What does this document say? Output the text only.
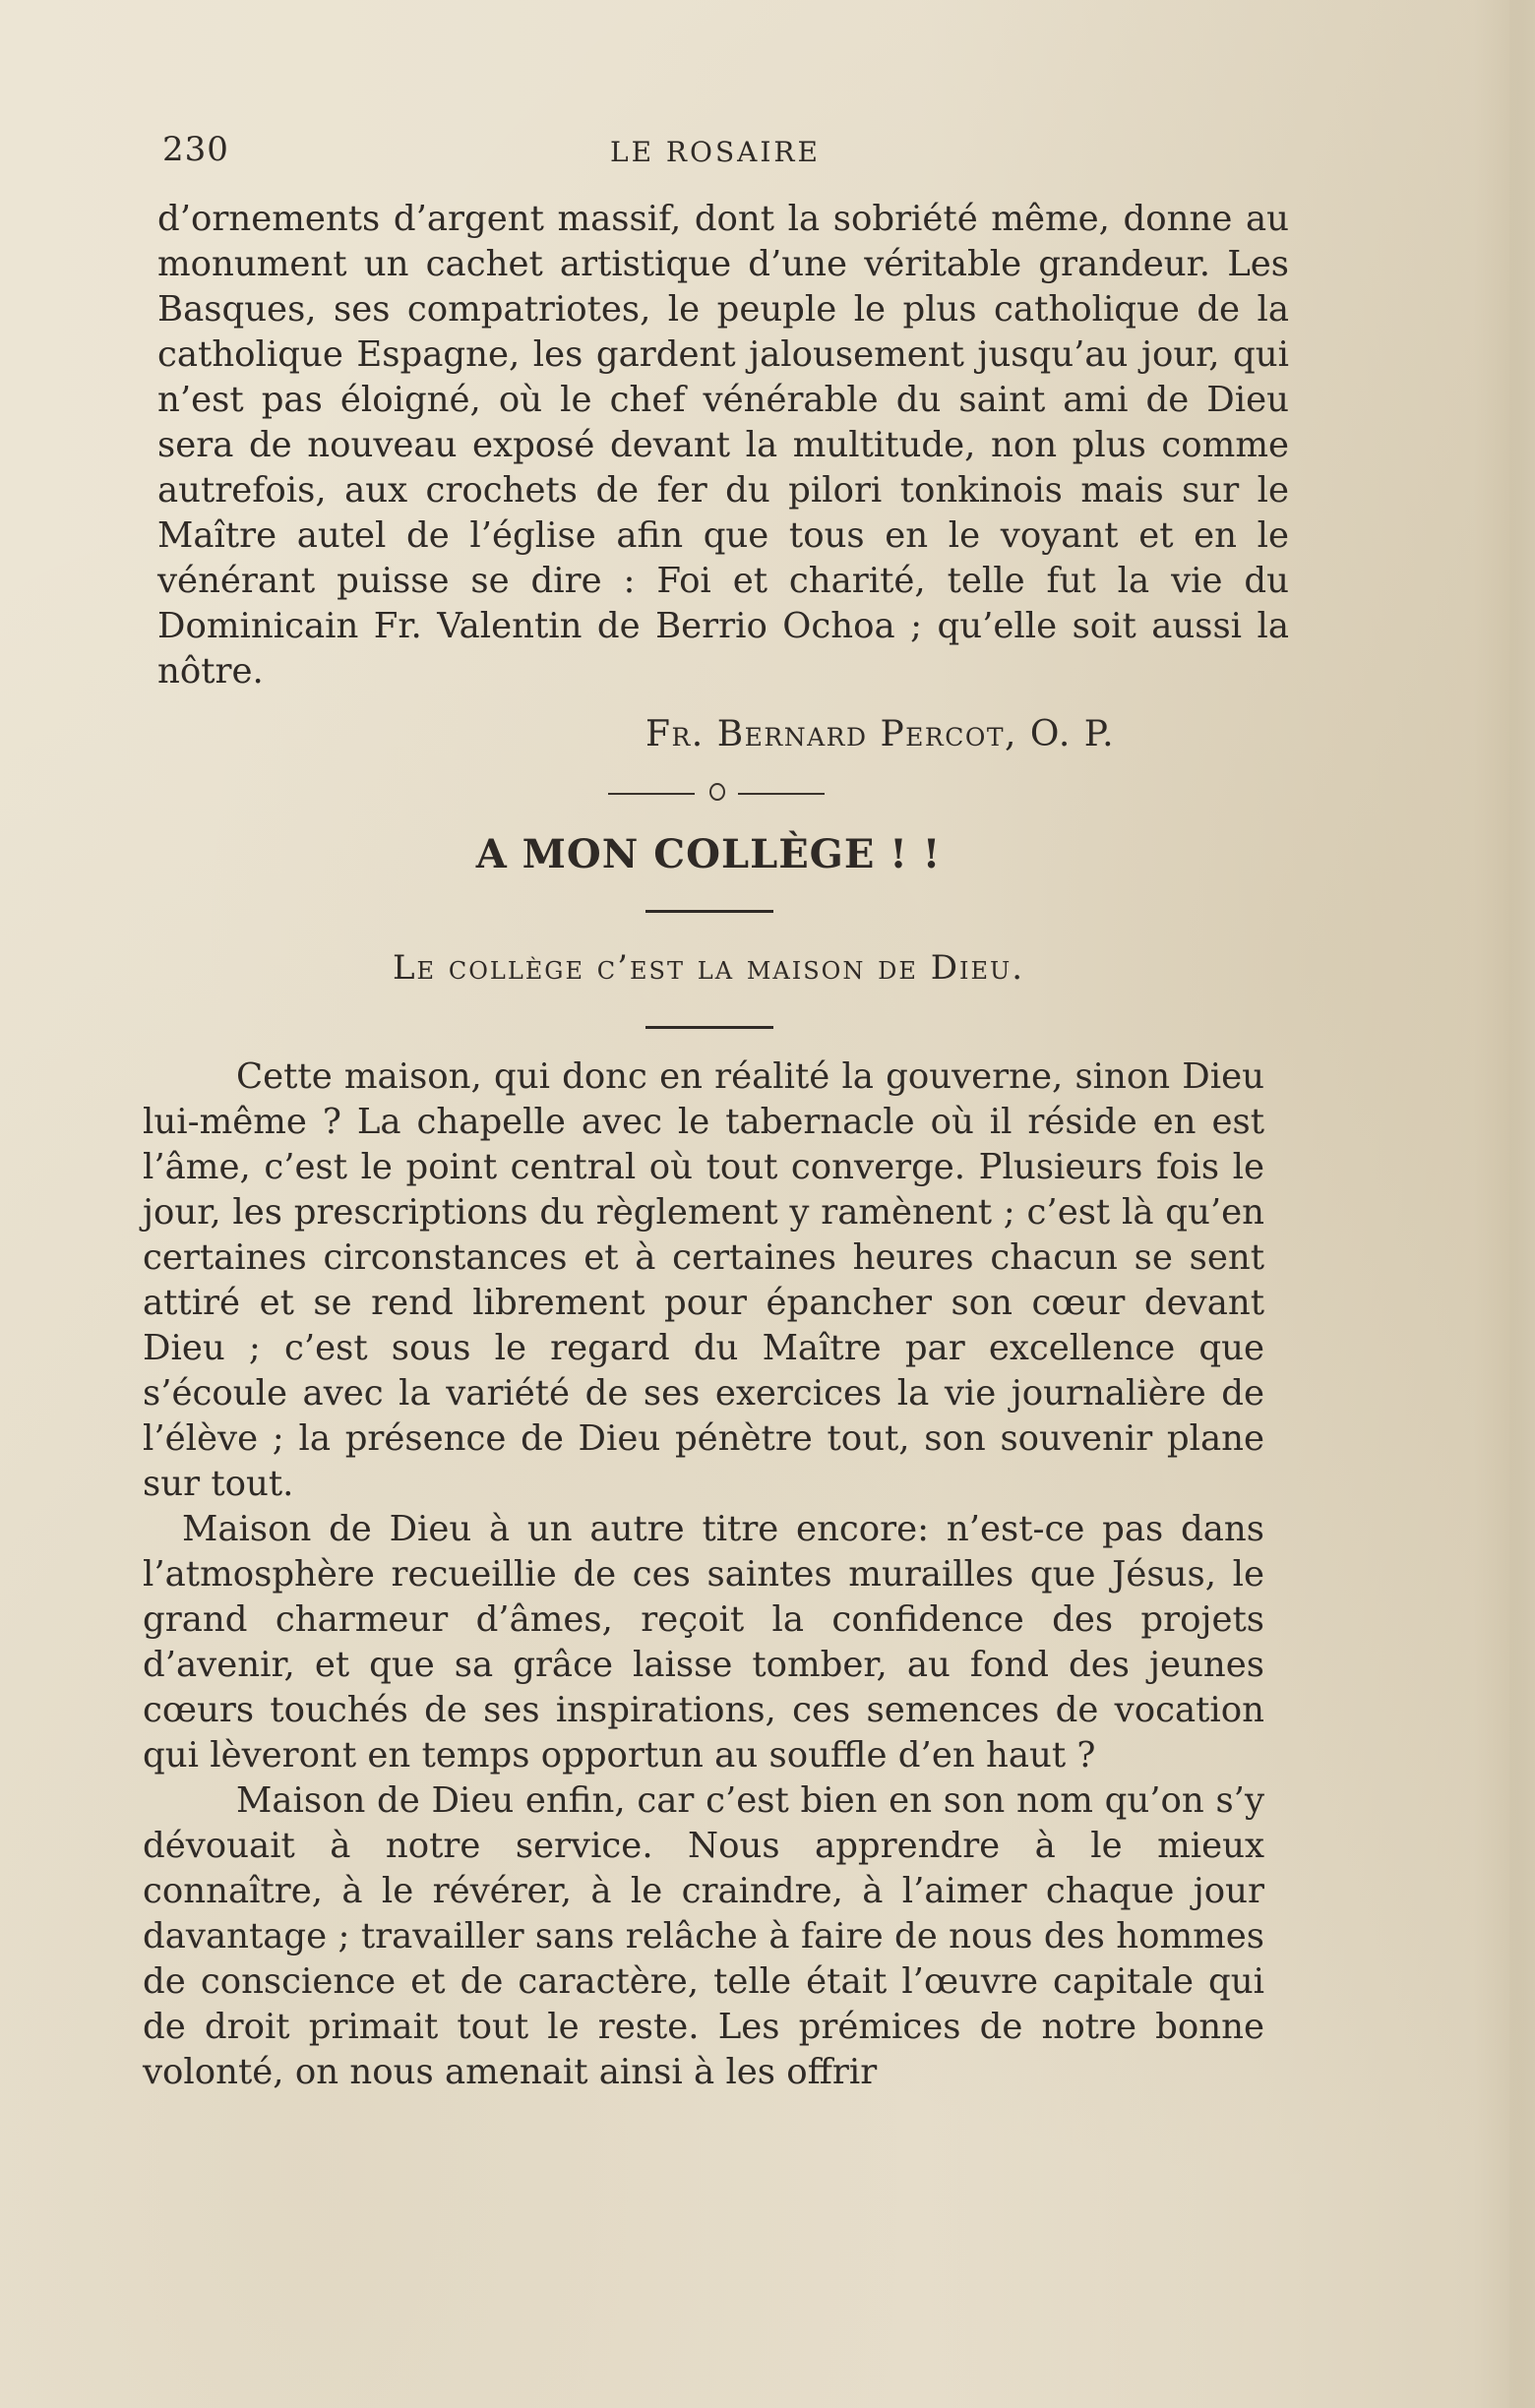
230	LE ROSAIRE

d’ornements d’argent massif, dont la sobriété même, donne au monument un cachet artistique d’une véritable grandeur. Les Basques, ses compatriotes, le peuple le plus catholique de la catholique Espagne, les gardent jalousement jusqu’au jour, qui n’est pas éloigné, où le chef vénérable du saint ami de Dieu sera de nouveau exposé devant la multitude, non plus comme autrefois, aux crochets de fer du pilori tonkinois mais sur le Maître autel de l’église afin que tous en le voyant et en le vénérant puisse se dire : Foi et charité, telle fut la vie du Dominicain Fr. Valentin de Berrio Ochoa ; qu’elle soit aussi la nôtre.

Fr. Bernard Percot, O. P.
A MON COLLÈGE ! !
Le collège c’est la maison de Dieu.

Cette maison, qui donc en réalité la gouverne, sinon Dieu lui-même ? La chapelle avec le tabernacle où il réside en est l’âme, c’est le point central où tout converge. Plusieurs fois le jour, les prescriptions du règlement y ramènent ; c’est là qu’en certaines circonstances et à certaines heures chacun se sent attiré et se rend librement pour épancher son cœur devant Dieu ; c’est sous le regard du Maître par excellence que s’écoule avec la variété de ses exercices la vie journalière de l’élève ; la présence de Dieu pénètre tout, son souvenir plane sur tout.

Maison de Dieu à un autre titre encore: n’est-ce pas dans l’atmosphère recueillie de ces saintes murailles que Jésus, le grand charmeur d’âmes, reçoit la confidence des projets d’avenir, et que sa grâce laisse tomber, au fond des jeunes cœurs touchés de ses inspirations, ces semences de vocation qui lèveront en temps opportun au souffle d’en haut ?

Maison de Dieu enfin, car c’est bien en son nom qu’on s’y dévouait à notre service. Nous apprendre à le mieux connaître, à le révérer, à le craindre, à l’aimer chaque jour davantage ; travailler sans relâche à faire de nous des hommes de conscience et de caractère, telle était l’œuvre capitale qui de droit primait tout le reste. Les prémices de notre bonne volonté, on nous amenait ainsi à les offrir
